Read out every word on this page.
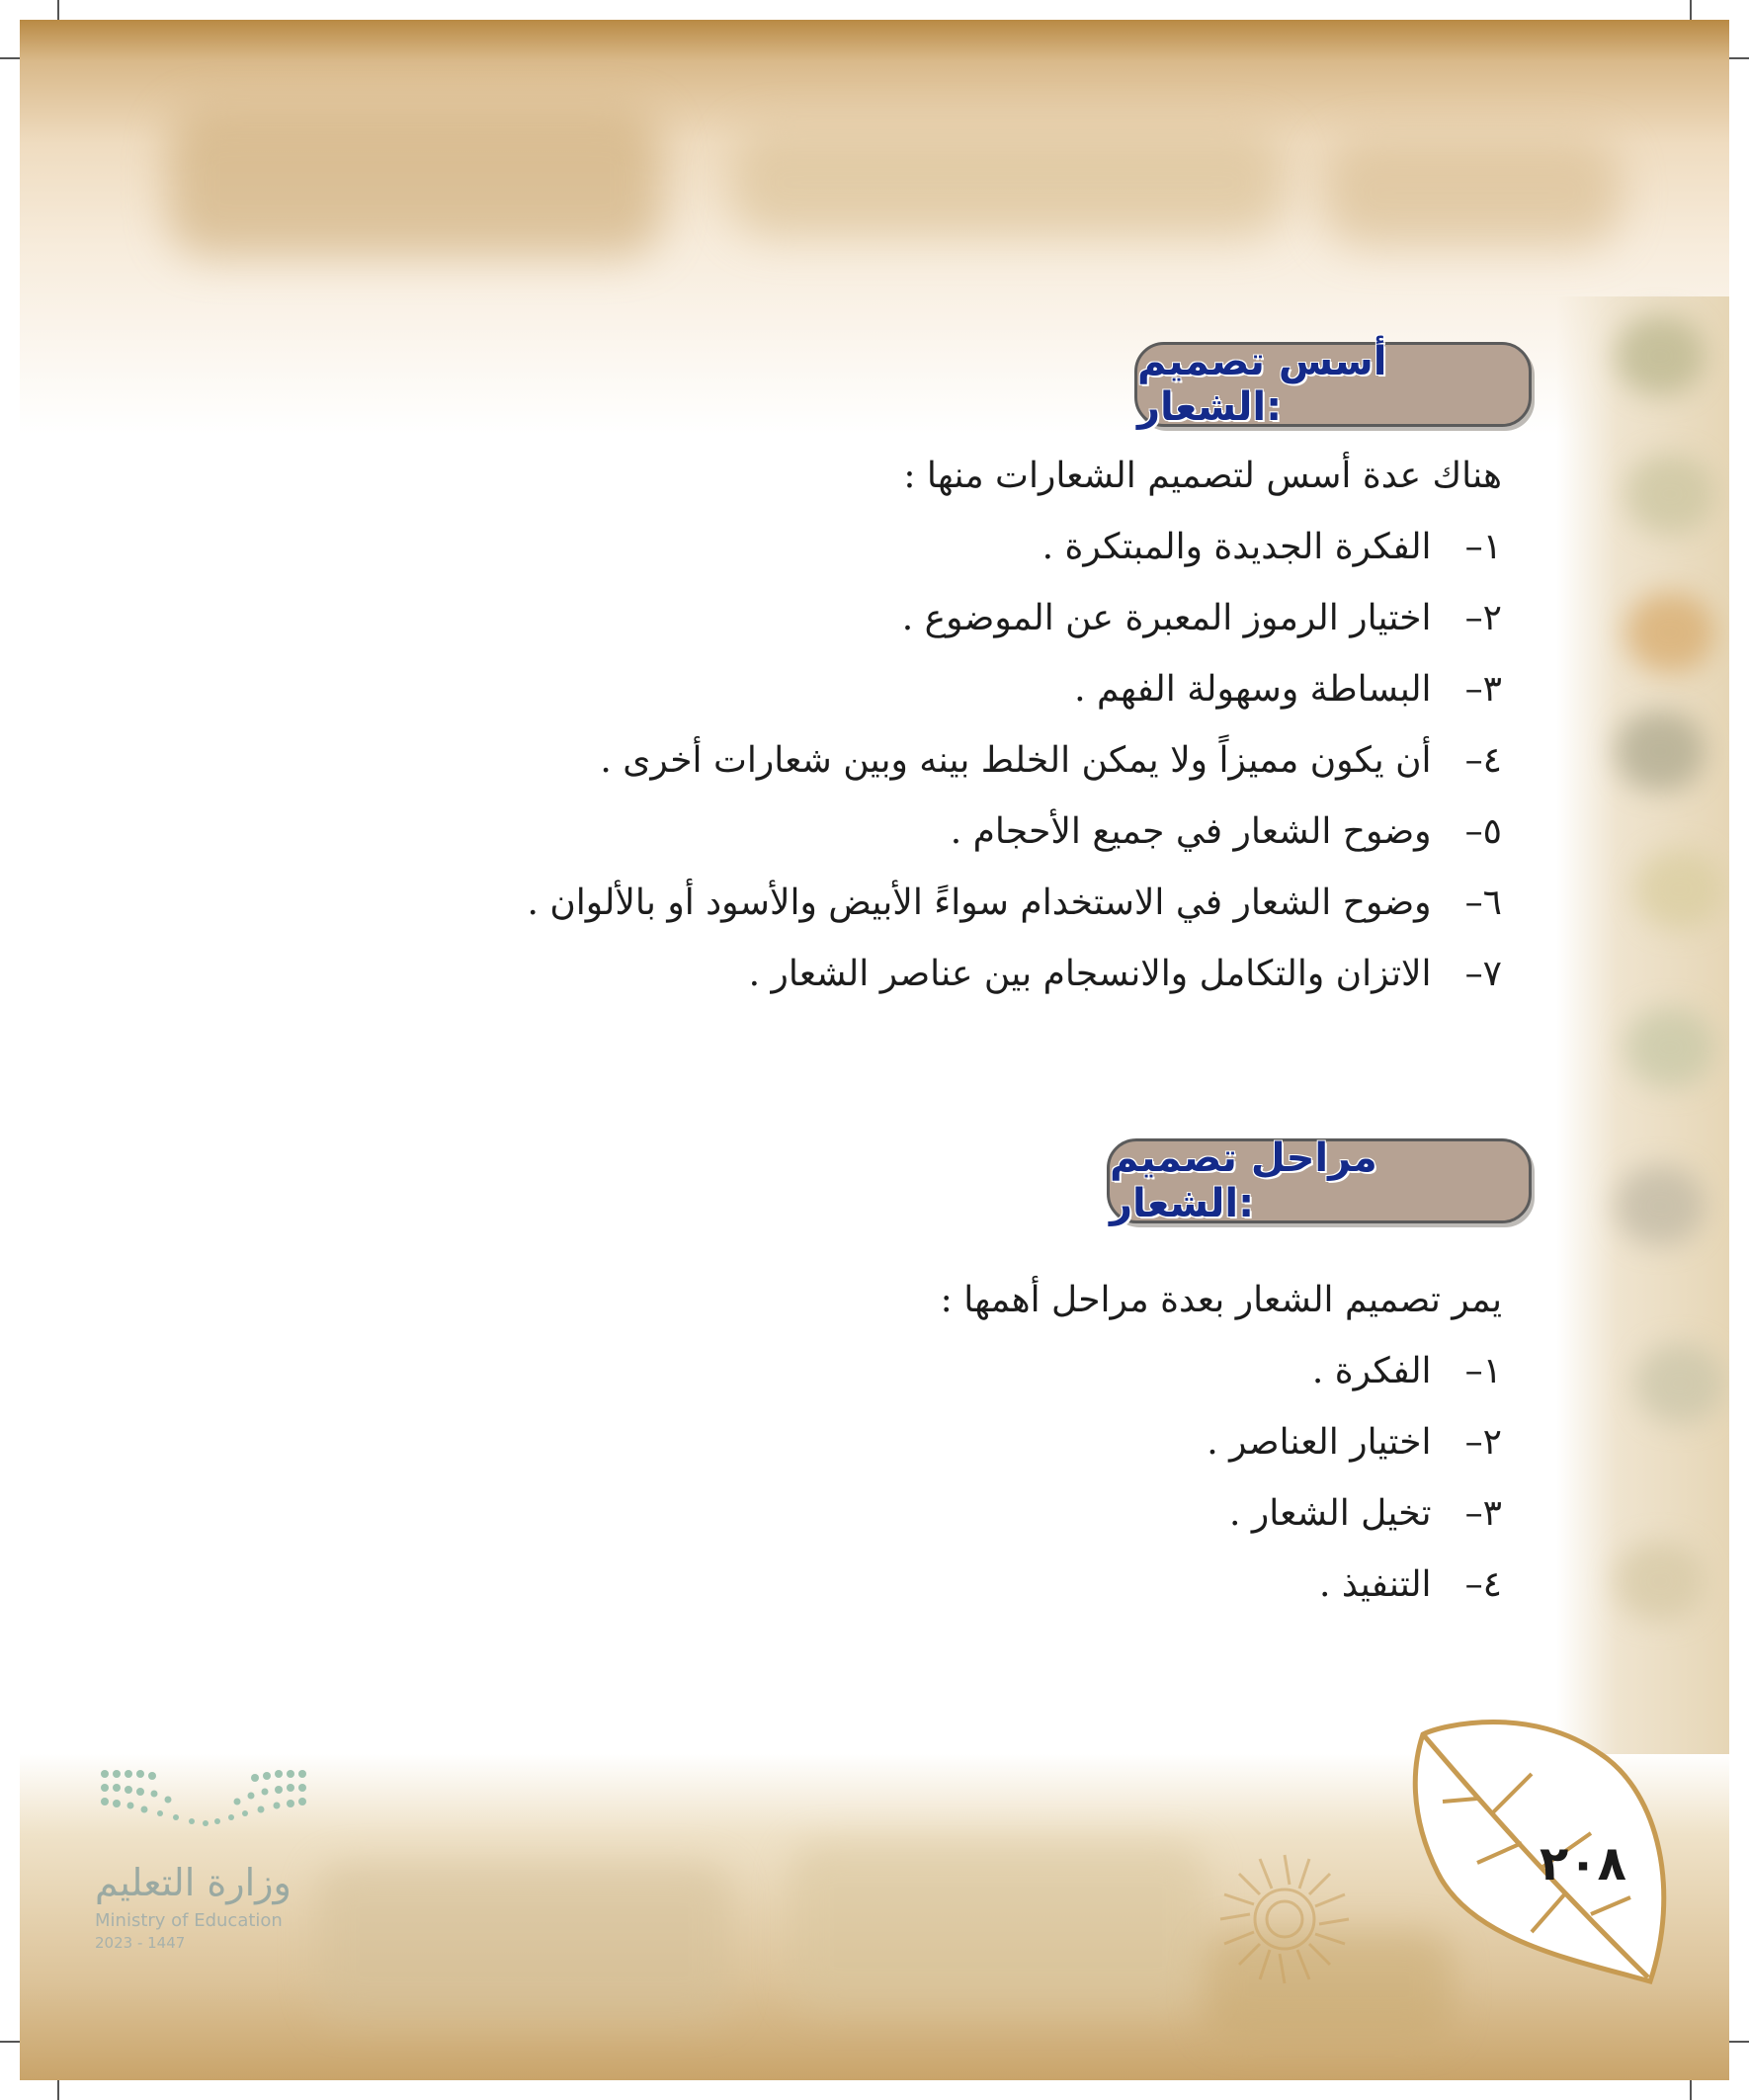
أسس تصميم الشعار:
هناك عدة أسس لتصميم الشعارات منها :
١– الفكرة الجديدة والمبتكرة .
٢– اختيار الرموز المعبرة عن الموضوع .
٣– البساطة وسهولة الفهم .
٤– أن يكون مميزاً ولا يمكن الخلط بينه وبين شعارات أخرى .
٥– وضوح الشعار في جميع الأحجام .
٦– وضوح الشعار في الاستخدام سواءً الأبيض والأسود أو بالألوان .
٧– الاتزان والتكامل والانسجام بين عناصر الشعار .
مراحل تصميم الشعار:
يمر تصميم الشعار بعدة مراحل أهمها :
١– الفكرة .
٢– اختيار العناصر .
٣– تخيل الشعار .
٤– التنفيذ .
٢٠٨
وزارة التعليم
Ministry of Education
2023 - 1447
